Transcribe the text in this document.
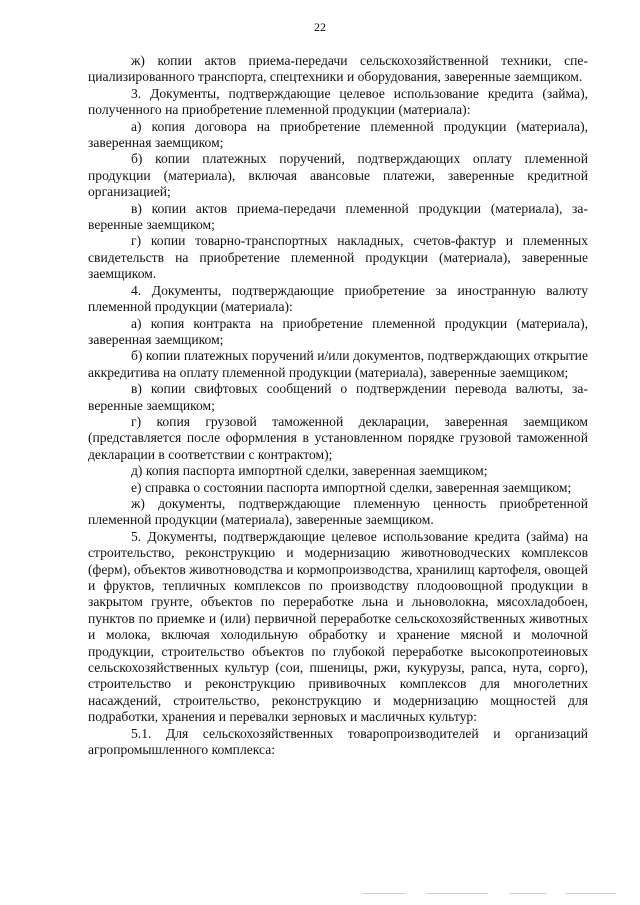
22

ж) копии актов приема-передачи сельскохозяйственной техники, специализированного транспорта, спецтехники и оборудования, заверенные заемщиком.

3. Документы, подтверждающие целевое использование кредита (займа), полученного на приобретение племенной продукции (материала):

а) копия договора на приобретение племенной продукции (материала), заверенная заемщиком;

б) копии платежных поручений, подтверждающих оплату племенной продукции (материала), включая авансовые платежи, заверенные кредитной организацией;

в) копии актов приема-передачи племенной продукции (материала), заверенные заемщиком;

г) копии товарно-транспортных накладных, счетов-фактур и племенных свидетельств на приобретение племенной продукции (материала), заверенные заемщиком.

4. Документы, подтверждающие приобретение за иностранную валюту племенной продукции (материала):

а) копия контракта на приобретение племенной продукции (материала), заверенная заемщиком;

б) копии платежных поручений и/или документов, подтверждающих открытие аккредитива на оплату племенной продукции (материала), заверенные заемщиком;

в) копии свифтовых сообщений о подтверждении перевода валюты, заверенные заемщиком;

г) копия грузовой таможенной декларации, заверенная заемщиком (представляется после оформления в установленном порядке грузовой таможенной декларации в соответствии с контрактом);

д) копия паспорта импортной сделки, заверенная заемщиком;

е) справка о состоянии паспорта импортной сделки, заверенная заемщиком;

ж) документы, подтверждающие племенную ценность приобретенной племенной продукции (материала), заверенные заемщиком.

5. Документы, подтверждающие целевое использование кредита (займа) на строительство, реконструкцию и модернизацию животноводческих комплексов (ферм), объектов животноводства и кормопроизводства, хранилищ картофеля, овощей и фруктов, тепличных комплексов по производству плодоовощной продукции в закрытом грунте, объектов по переработке льна и льноволокна, мясохладобоен, пунктов по приемке и (или) первичной переработке сельскохозяйственных животных и молока, включая холодильную обработку и хранение мясной и молочной продукции, строительство объектов по глубокой переработке высокопротеиновых сельскохозяйственных культур (сои, пшеницы, ржи, кукурузы, рапса, нута, сорго), строительство и реконструкцию прививочных комплексов для многолетних насаждений, строительство, реконструкцию и модернизацию мощностей для подработки, хранения и перевалки зерновых и масличных культур:

5.1. Для сельскохозяйственных товаропроизводителей и организаций агропромышленного комплекса:
